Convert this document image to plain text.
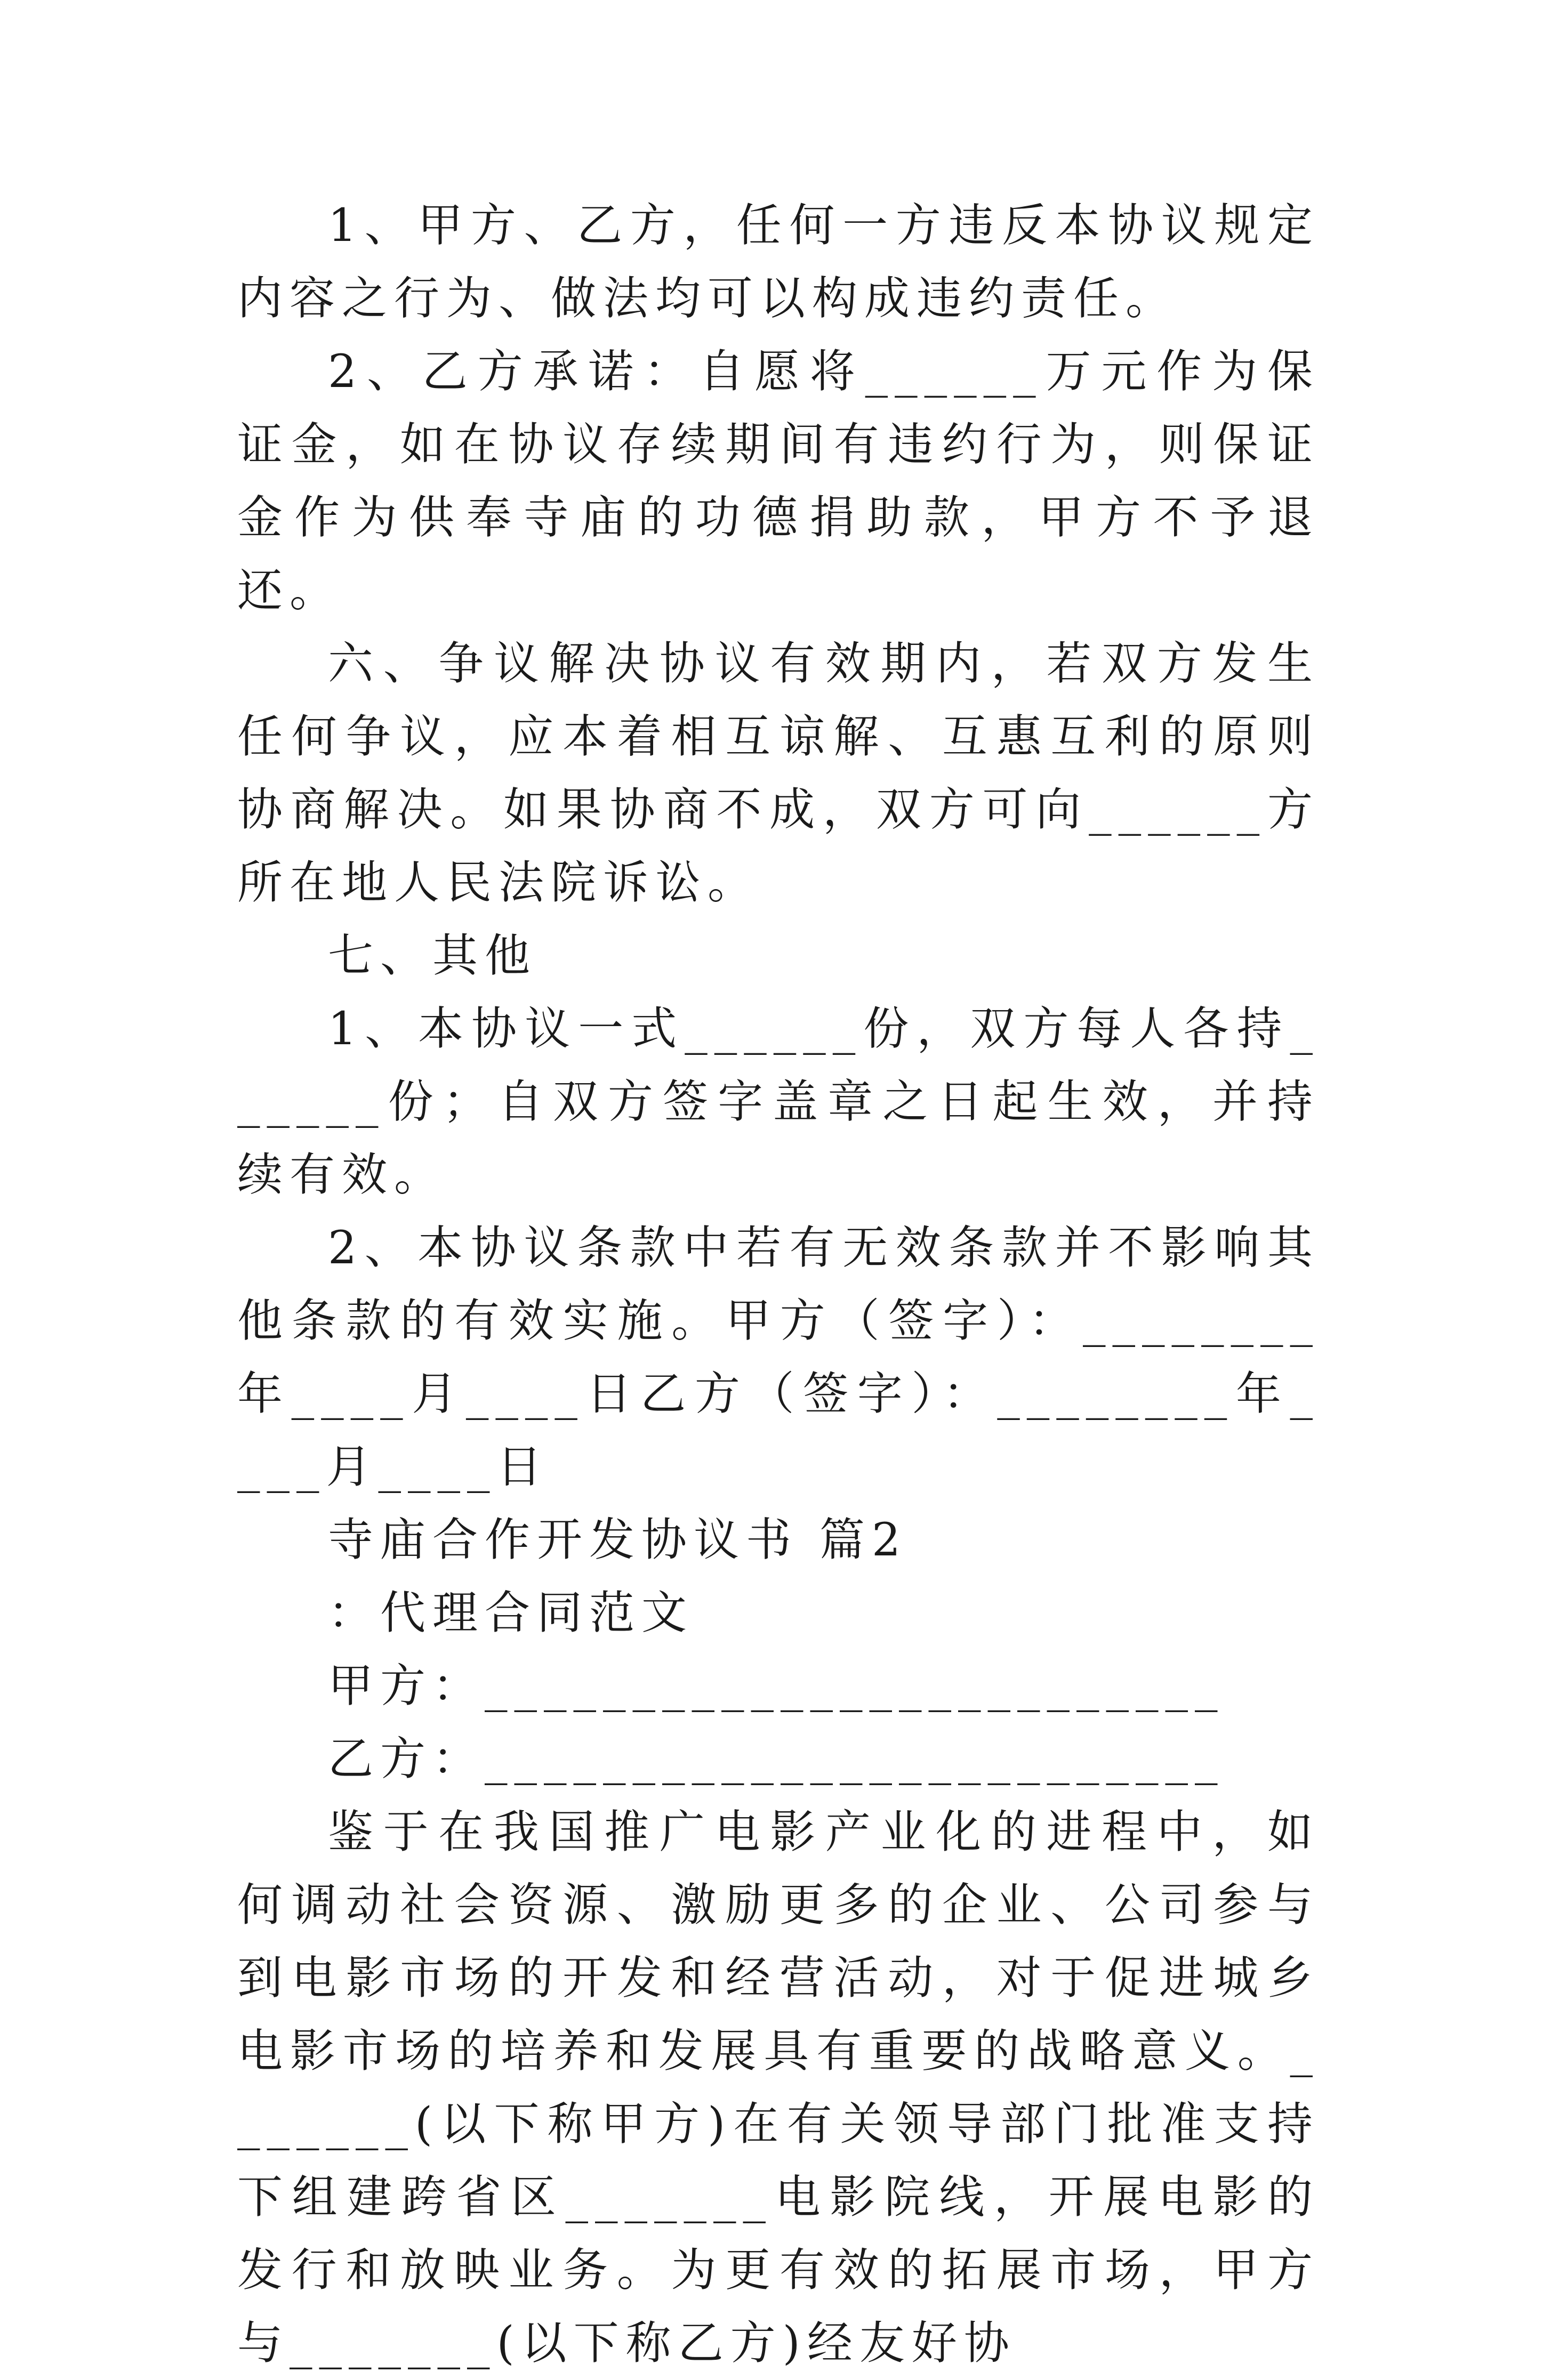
1、甲方、乙方，任何一方违反本协议规定内容之行为、做法均可以构成违约责任。

2、乙方承诺：自愿将______万元作为保证金，如在协议存续期间有违约行为，则保证金作为供奉寺庙的功德捐助款，甲方不予退还。

六、争议解决协议有效期内，若双方发生任何争议，应本着相互谅解、互惠互利的原则协商解决。如果协商不成，双方可向______方所在地人民法院诉讼。

七、其他

1、本协议一式______份，双方每人各持______份；自双方签字盖章之日起生效，并持续有效。

2、本协议条款中若有无效条款并不影响其他条款的有效实施。甲方（签字）：________年____月____日乙方（签字）：________年____月____日

寺庙合作开发协议书 篇2

：代理合同范文

甲方：_________________________

乙方：_________________________

鉴于在我国推广电影产业化的进程中，如何调动社会资源、激励更多的企业、公司参与到电影市场的开发和经营活动，对于促进城乡电影市场的培养和发展具有重要的战略意义。_______(以下称甲方)在有关领导部门批准支持下组建跨省区_______电影院线，开展电影的发行和放映业务。为更有效的拓展市场，甲方与_______(以下称乙方)经友好协
